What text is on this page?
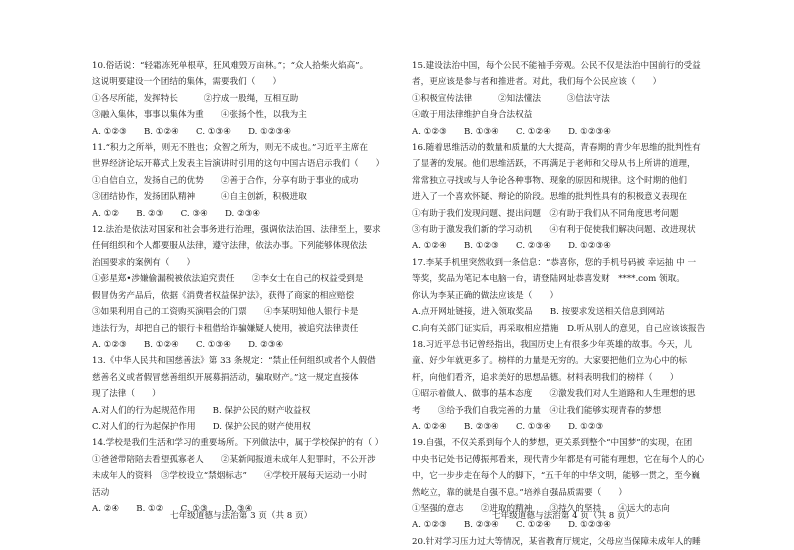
10.俗话说：“轻霜冻死单根草，狂风难毁万亩林。”；“众人拾柴火焰高”。
这说明要建设一个团结的集体，需要我们（　　）
①各尽所能，发挥特长　　　②拧成一股绳，互相互助
③融入集体，事事以集体为重　　④张扬个性，以我为主
A. ①②③　　B. ①②④　　C. ①③④　　D. ①②③④
11.“积力之所举，则无不胜也；众智之所为，则无不成也。”习近平主席在
世界经济论坛开幕式上发表主旨演讲时引用的这句中国古语启示我们（　　）
①自信自立，发扬自己的优势　　②善于合作，分享有助于事业的成功
③团结协作，发扬团队精神　　　④自主创新，积极进取
A. ①②　　B. ②③　　C. ③④　　D. ②③④
12.法治是依法对国家和社会事务进行治理，强调依法治国、法律至上，要求
任何组织和个人都要服从法律，遵守法律，依法办事。下列能够体现依法
治国要求的案例有（　　）
①彭星郑•涉嫌偷漏税被依法追究责任　　②李女士在自己的权益受到是
假冒伪劣产品后，依据《消费者权益保护法》，获得了商家的相应赔偿
③如果利用自己的工资购买演唱会的门票　　④李某明知他人银行卡是
违法行为，却把自己的银行卡租借给诈骗嫌疑人使用，被追究法律责任
A. ①②③　　B. ①②④　　C. ①③④　　D. ②③④
13.《中华人民共和国慈善法》第 33 条规定：“禁止任何组织或者个人假借
慈善名义或者假冒慈善组织开展募捐活动，骗取财产。”这一规定直接体
现了法律（　　）
A.对人们的行为起规范作用　　B. 保护公民的财产收益权
C.对人们的行为起保护作用　　D. 保护公民的财产使用权
14.学校是我们生活和学习的重要场所。下列做法中，属于学校保护的有（ ）
①爸爸带陪陪去看望孤寡老人　　②某新闻报道未成年人犯罪时，不公开涉
未成年人的资料　③学校设立“禁烟标志”　　④学校开展每天运动一小时
活动
A. ②④　　B. ①②　　C. ①③　　D. ③④
15.建设法治中国，每个公民不能袖手旁观。公民不仅是法治中国前行的受益
者，更应该是参与者和推进者。对此，我们每个公民应该（　　）
①积极宣传法律　　　②知法懂法　　　③信法守法
④敢于用法律维护自身合法权益
A. ①②③　　B. ①③④　　C. ①②④　　D. ①②③④
16.随着思维活动的数量和质量的大大提高，青春期的青少年思维的批判性有
了显著的发展。他们思维活跃，不再满足于老师和父母从书上所讲的道理，
常常独立寻找或与人争论各种事物、现象的原因和规律。这个时期的他们
进入了一个喜欢怀疑、辩论的阶段。思维的批判性具有的积极意义表现在
①有助于我们发现问题、提出问题　②有助于我们从不同角度思考问题
③有助于激发我们新的学习动机　　④有利于促使我们解决问题、改进现状
A. ①②④　　B. ①②③　　C. ②③④　　D. ①②③④
17.李某手机里突然收到一条信息：“恭喜你，您的手机号码被 幸运抽 中 一
等奖，奖品为笔记本电脑一台，请登陆网址恭喜发财　****.com 领取。
你认为李某正确的做法应该是（　　）
A.点开网址链接，进入领取奖品　　B. 按要求发送相关信息到网站
C.向有关部门证实后，再采取相应措施　D.听从别人的意见，自己应该该报告
18.习近平总书记曾经指出，我国历史上有很多少年英雄的故事。今天，儿
童、好少年就更多了。榜样的力量是无穷的。大家要把他们立为心中的标
杆，向他们看齐，追求美好的思想品德。材料表明我们的榜样（　　）
①昭示着做人、做事的基本态度　　②激发我们对人生道路和人生理想的思
考　　③给予我们自我完善的力量　④让我们能够实现青春的梦想
A. ①②④　　B. ②③④　　C. ①③④　　D. ①②③
19.自强，不仅关系到每个人的梦想，更关系到整个“中国梦”的实现，在团
中央书记处书记傅振邦看来，现代青少年都是有可能有理想，它在每个人的心
中，它一步步走在每个人的脚下，“五千年的中华文明，能够一贯之，至今巍
然屹立，靠的就是自强不息。”培养自强品质需要（　　）
①坚强的意志　　②进取的精神　　③持久的坚持　　④远大的志向
A. ①②③　　B. ②③④　　C. ①②④　　D. ①②③④
20.针对学习压力过大等情况，某省教育厅规定，父母应当保障未成年人的睡
七年级道德与法治第 3 页（共 8 页）	七年级道德与法治第 4 页（共 8 页）
